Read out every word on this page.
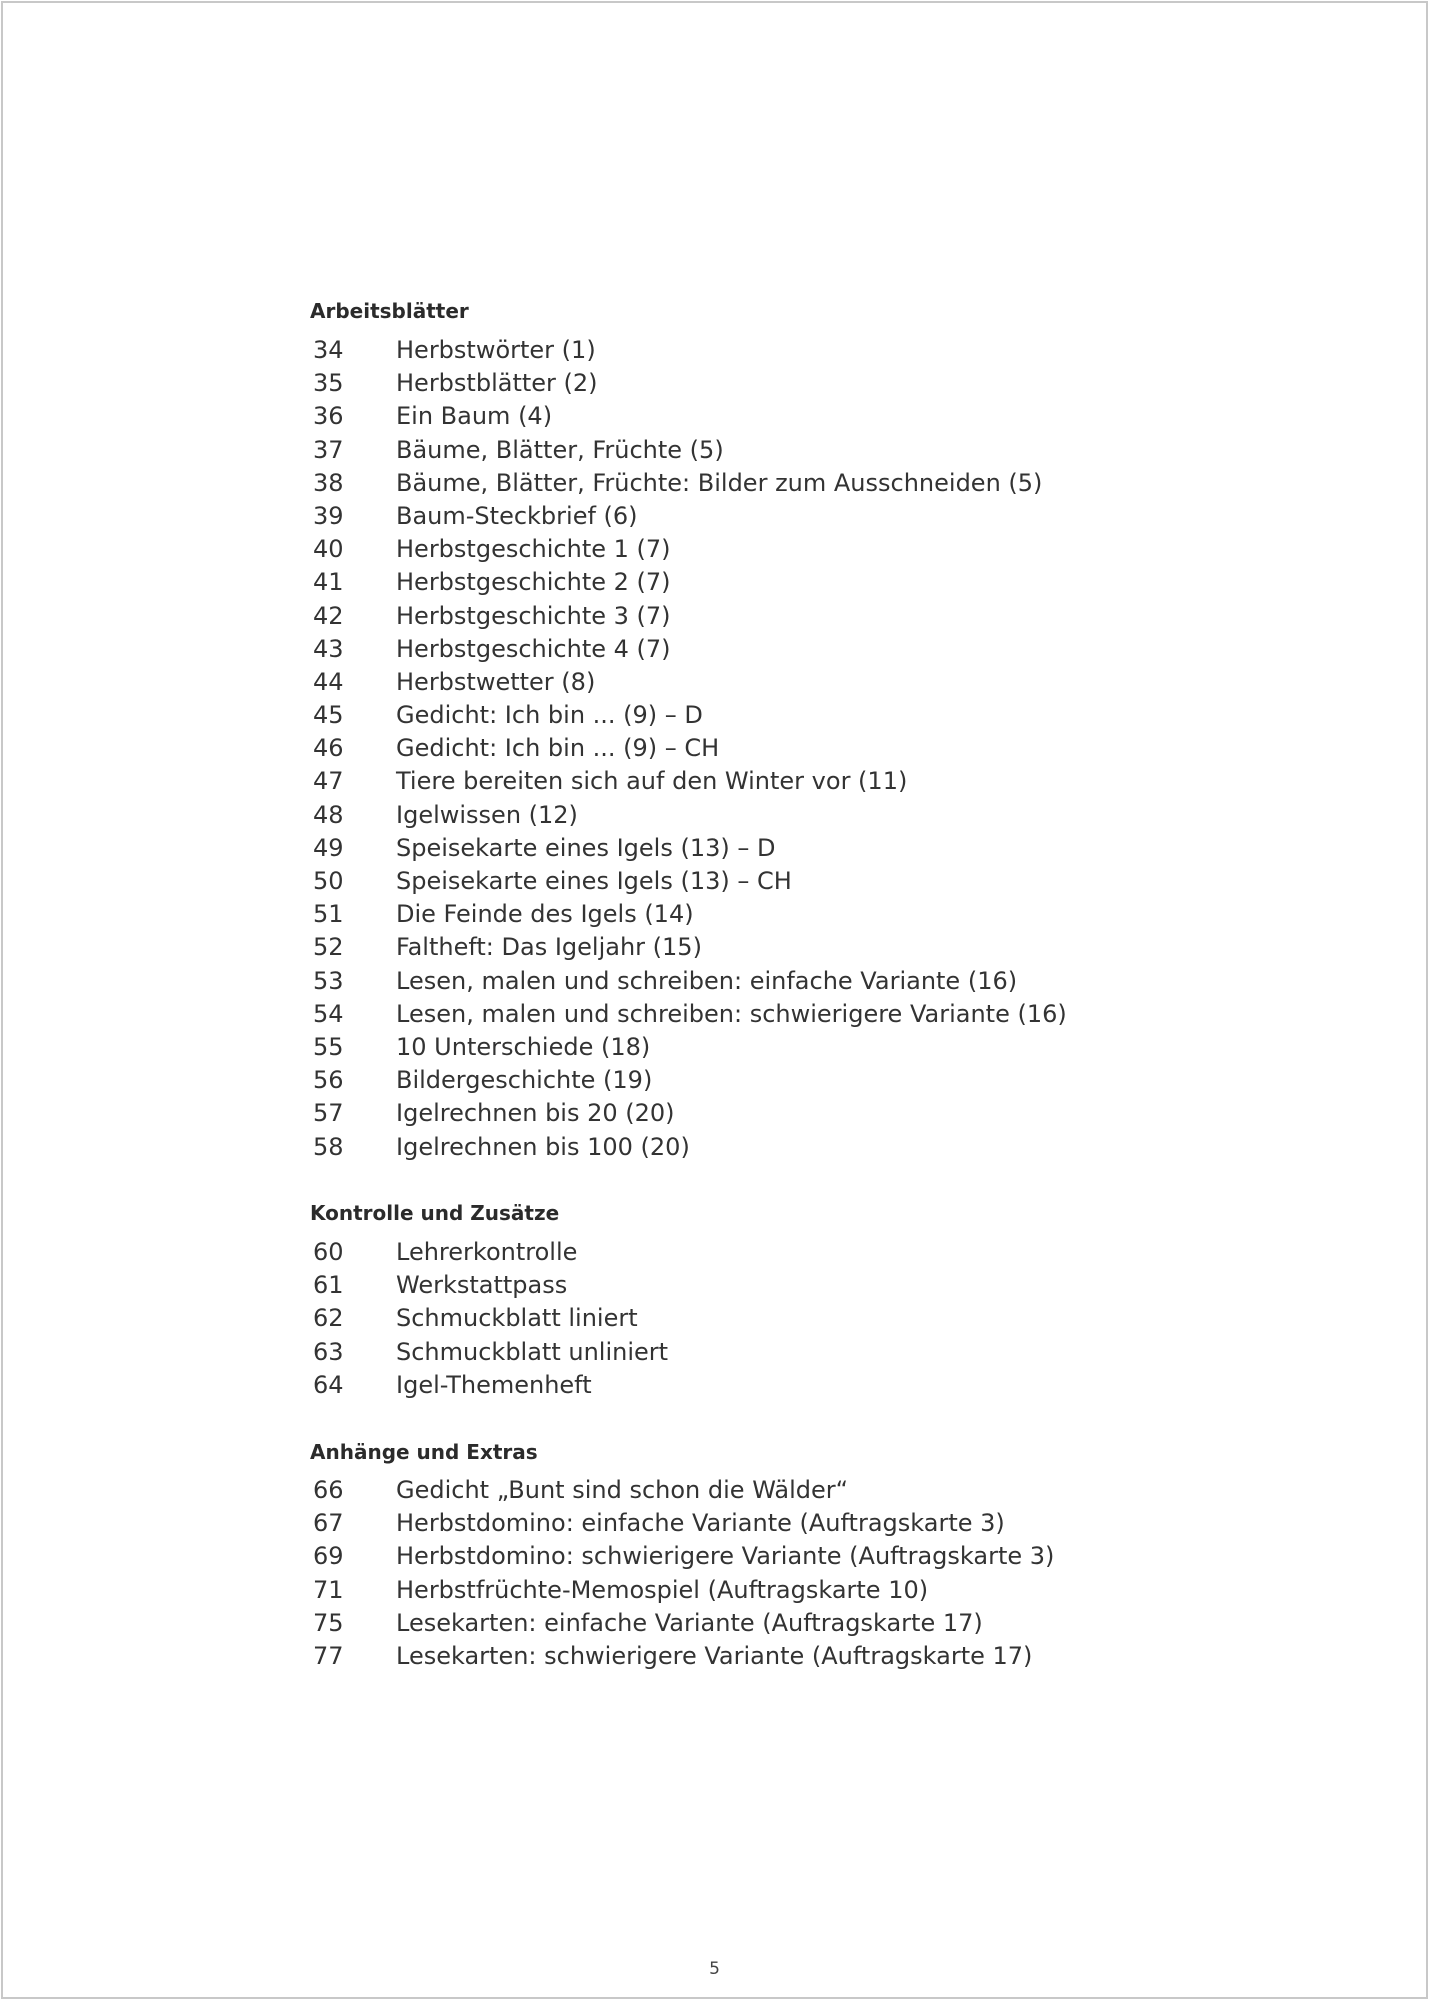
Arbeitsblätter
34	Herbstwörter (1)
35	Herbstblätter (2)
36	Ein Baum (4)
37	Bäume, Blätter, Früchte (5)
38	Bäume, Blätter, Früchte: Bilder zum Ausschneiden (5)
39	Baum-Steckbrief (6)
40	Herbstgeschichte 1 (7)
41	Herbstgeschichte 2 (7)
42	Herbstgeschichte 3 (7)
43	Herbstgeschichte 4 (7)
44	Herbstwetter (8)
45	Gedicht: Ich bin ... (9) – D
46	Gedicht: Ich bin ... (9) – CH
47	Tiere bereiten sich auf den Winter vor (11)
48	Igelwissen (12)
49	Speisekarte eines Igels (13) – D
50	Speisekarte eines Igels (13) – CH
51	Die Feinde des Igels (14)
52	Faltheft: Das Igeljahr (15)
53	Lesen, malen und schreiben: einfache Variante (16)
54	Lesen, malen und schreiben: schwierigere Variante (16)
55	10 Unterschiede (18)
56	Bildergeschichte (19)
57	Igelrechnen bis 20 (20)
58	Igelrechnen bis 100 (20)
Kontrolle und Zusätze
60	Lehrerkontrolle
61	Werkstattpass
62	Schmuckblatt liniert
63	Schmuckblatt unliniert
64	Igel-Themenheft
Anhänge und Extras
66	Gedicht „Bunt sind schon die Wälder“
67	Herbstdomino: einfache Variante (Auftragskarte 3)
69	Herbstdomino: schwierigere Variante (Auftragskarte 3)
71	Herbstfrüchte-Memospiel (Auftragskarte 10)
75	Lesekarten: einfache Variante (Auftragskarte 17)
77	Lesekarten: schwierigere Variante (Auftragskarte 17)
5
